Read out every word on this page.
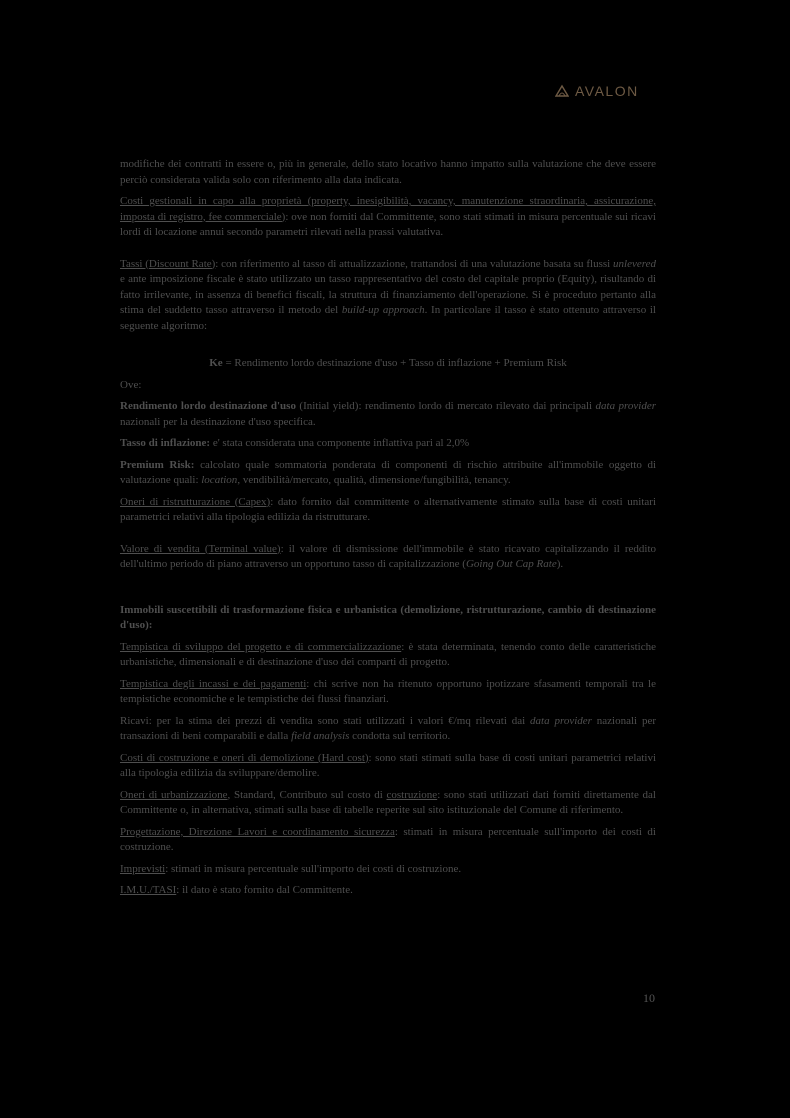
AVALON

modifiche dei contratti in essere o, più in generale, dello stato locativo hanno impatto sulla valutazione che deve essere perciò considerata valida solo con riferimento alla data indicata.

Costi gestionali in capo alla proprietà (property, inesigibilità, vacancy, manutenzione straordinaria, assicurazione, imposta di registro, fee commerciale): ove non forniti dal Committente, sono stati stimati in misura percentuale sui ricavi lordi di locazione annui secondo parametri rilevati nella prassi valutativa.

Tassi (Discount Rate): con riferimento al tasso di attualizzazione, trattandosi di una valutazione basata su flussi unlevered e ante imposizione fiscale è stato utilizzato un tasso rappresentativo del costo del capitale proprio (Equity), risultando di fatto irrilevante, in assenza di benefici fiscali, la struttura di finanziamento dell'operazione. Si è proceduto pertanto alla stima del suddetto tasso attraverso il metodo del build-up approach. In particolare il tasso è stato ottenuto attraverso il seguente algoritmo:

Ke = Rendimento lordo destinazione d'uso + Tasso di inflazione + Premium Risk

Ove:

Rendimento lordo destinazione d'uso (Initial yield): rendimento lordo di mercato rilevato dai principali data provider nazionali per la destinazione d'uso specifica.

Tasso di inflazione: e' stata considerata una componente inflattiva pari al 2,0%

Premium Risk: calcolato quale sommatoria ponderata di componenti di rischio attribuite all'immobile oggetto di valutazione quali: location, vendibilità/mercato, qualità, dimensione/fungibilità, tenancy.

Oneri di ristrutturazione (Capex): dato fornito dal committente o alternativamente stimato sulla base di costi unitari parametrici relativi alla tipologia edilizia da ristrutturare.

Valore di vendita (Terminal value): il valore di dismissione dell'immobile è stato ricavato capitalizzando il reddito dell'ultimo periodo di piano attraverso un opportuno tasso di capitalizzazione (Going Out Cap Rate).

Immobili suscettibili di trasformazione fisica e urbanistica (demolizione, ristrutturazione, cambio di destinazione d'uso):

Tempistica di sviluppo del progetto e di commercializzazione: è stata determinata, tenendo conto delle caratteristiche urbanistiche, dimensionali e di destinazione d'uso dei comparti di progetto.

Tempistica degli incassi e dei pagamenti: chi scrive non ha ritenuto opportuno ipotizzare sfasamenti temporali tra le tempistiche economiche e le tempistiche dei flussi finanziari.

Ricavi: per la stima dei prezzi di vendita sono stati utilizzati i valori €/mq rilevati dai data provider nazionali per transazioni di beni comparabili e dalla field analysis condotta sul territorio.

Costi di costruzione e oneri di demolizione (Hard cost): sono stati stimati sulla base di costi unitari parametrici relativi alla tipologia edilizia da sviluppare/demolire.

Oneri di urbanizzazione, Standard, Contributo sul costo di costruzione: sono stati utilizzati dati forniti direttamente dal Committente o, in alternativa, stimati sulla base di tabelle reperite sul sito istituzionale del Comune di riferimento.

Progettazione, Direzione Lavori e coordinamento sicurezza: stimati in misura percentuale sull'importo dei costi di costruzione.

Imprevisti: stimati in misura percentuale sull'importo dei costi di costruzione.

I.M.U./TASI: il dato è stato fornito dal Committente.

10
